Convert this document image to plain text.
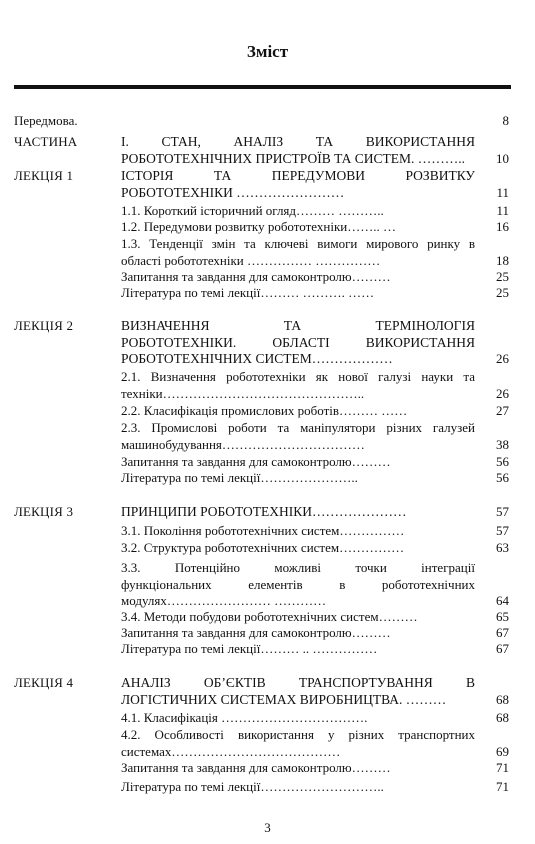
Зміст
Передмова.	8
ЧАСТИНА	І. СТАН, АНАЛІЗ ТА ВИКОРИСТАННЯ
РОБОТОТЕХНІЧНИХ ПРИСТРОЇВ ТА СИСТЕМ. ……….. 10
ЛЕКЦІЯ 1	ІСТОРІЯ ТА ПЕРЕДУМОВИ РОЗВИТКУ
РОБОТОТЕХНІКИ ……………………	11
1.1. Короткий історичний огляд……… ………..	11
1.2. Передумови розвитку робототехніки…….. …	16
1.3. Тенденції змін та ключеві вимоги мирового ринку в
області робототехніки …………… ……………	18
Запитання та завдання для самоконтролю………	25
Література по темі лекції……… ………. ……	25
ЛЕКЦІЯ 2	ВИЗНАЧЕННЯ ТА ТЕРМІНОЛОГІЯ
РОБОТОТЕХНІКИ. ОБЛАСТІ ВИКОРИСТАННЯ
РОБОТОТЕХНІЧНИХ СИСТЕМ………………	26
2.1. Визначення робототехніки як нової галузі науки та
техніки………………………………………..	26
2.2. Класифікація промислових роботів……… ……	27
2.3. Промислові роботи та маніпулятори різних галузей
машинобудування……………………………	38
Запитання та завдання для самоконтролю………	56
Література по темі лекції…………………..	56
ЛЕКЦІЯ 3	ПРИНЦИПИ РОБОТОТЕХНІКИ…………………	57
3.1. Покоління робототехнічних систем……………	57
3.2. Структура робототехнічних систем……………	63
3.3. Потенційно можливі точки інтеграції
функціональних елементів в робототехнічних
модулях…………………… …………	64
3.4. Методи побудови робототехнічних систем………	65
Запитання та завдання для самоконтролю………	67
Література по темі лекції……… .. ……………	67
ЛЕКЦІЯ 4	АНАЛІЗ ОБ’ЄКТІВ ТРАНСПОРТУВАННЯ В
ЛОГІСТИЧНИХ СИСТЕМАХ ВИРОБНИЦТВА. ………	68
4.1. Класифікація …………………………….	68
4.2. Особливості використання у різних транспортних
системах…………………………………	69
Запитання та завдання для самоконтролю………	71
Література по темі лекції………………………..	71
3
